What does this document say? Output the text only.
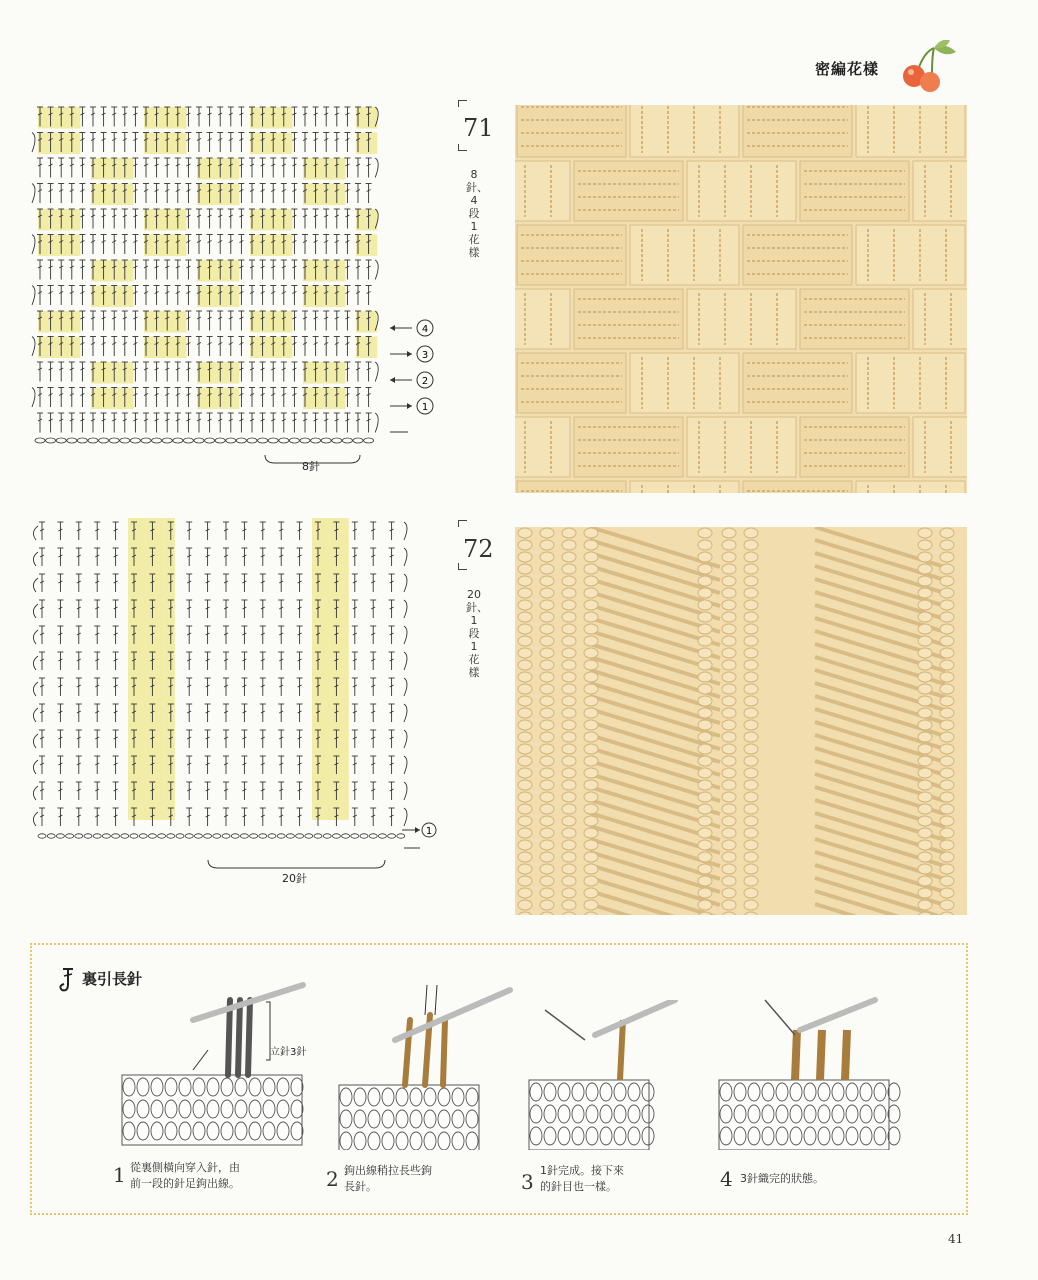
密編花樣
4
3
2
1
8針
71
8針、4段1花樣
1
20針
72
20針、1段1花樣
裏引長針
立針3針
1 從裏側橫向穿入針，由
前一段的針足鉤出線。	2 鉤出線稍拉長些鉤
長針。	3 1針完成。接下來
的針目也一樣。	4 3針織完的狀態。
41
